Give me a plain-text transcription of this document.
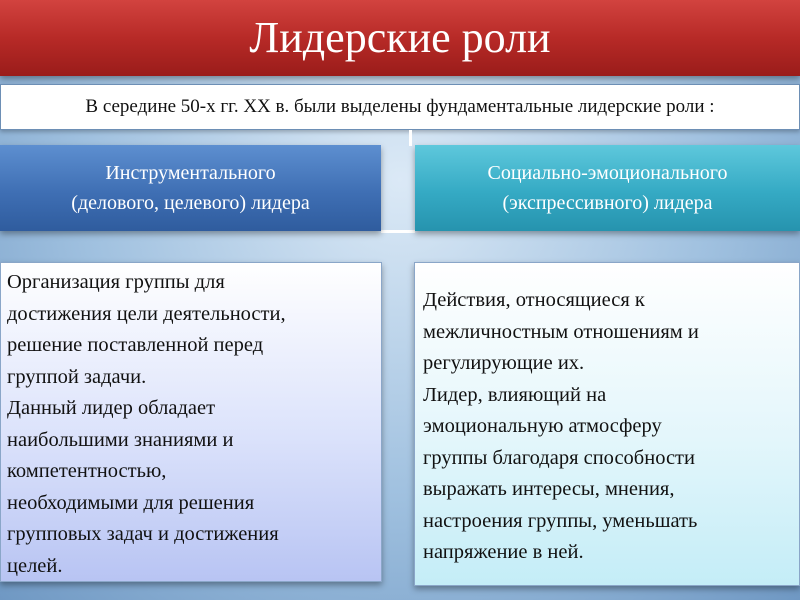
Лидерские роли
В середине 50-х гг. XX в. были выделены фундаментальные лидерские роли :
Инструментального
(делового, целевого) лидера
Социально-эмоционального
(экспрессивного) лидера
Организация группы для
достижения цели деятельности,
решение поставленной перед
группой задачи.
Данный лидер обладает
наибольшими знаниями и
компетентностью,
необходимыми для решения
групповых задач и достижения
целей.
Действия, относящиеся к
межличностным отношениям и
регулирующие их.
Лидер, влияющий на
эмоциональную атмосферу
группы благодаря способности
выражать интересы, мнения,
настроения группы, уменьшать
напряжение в ней.
